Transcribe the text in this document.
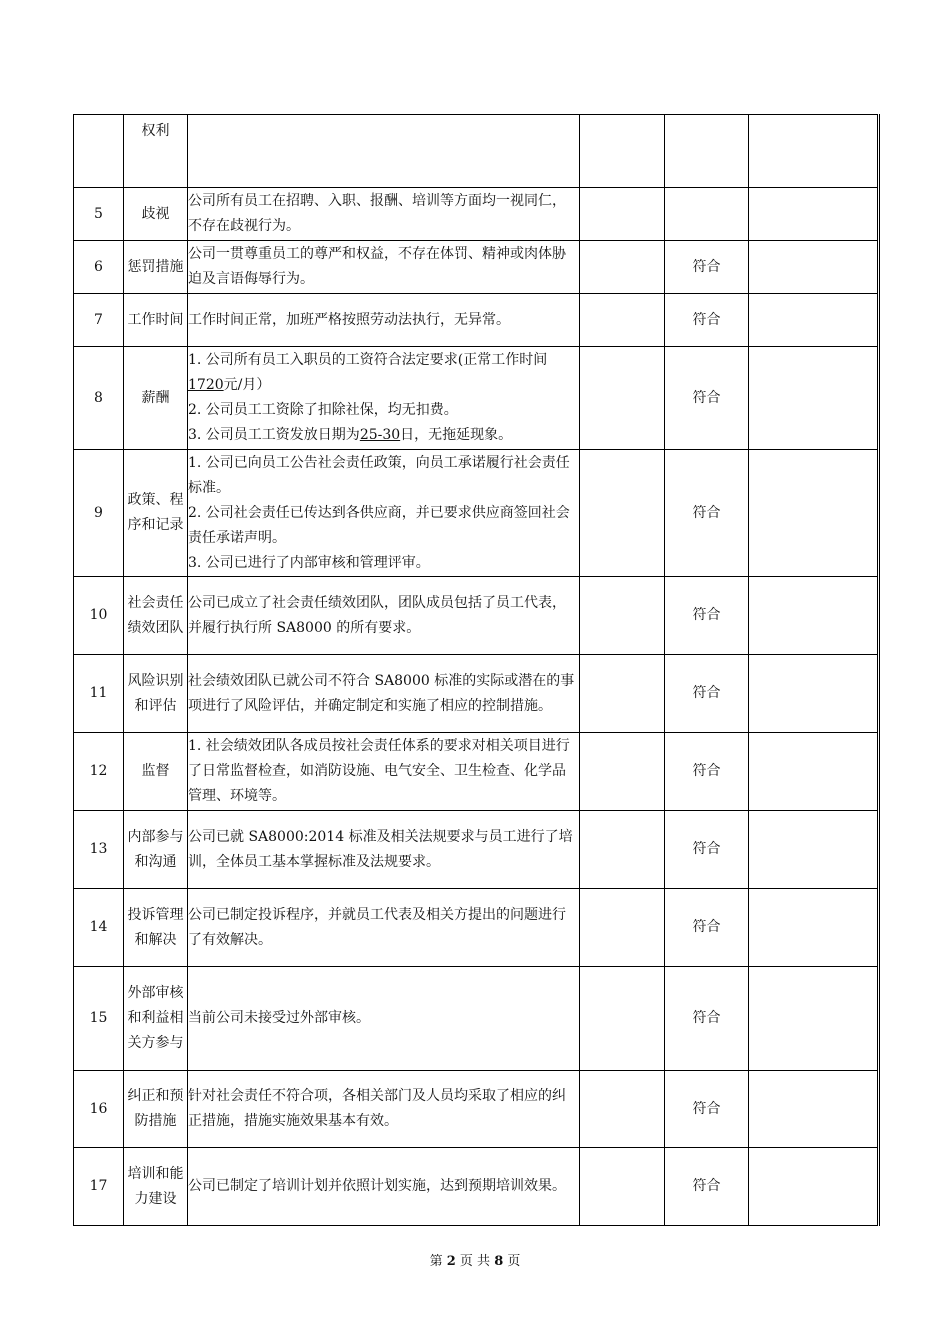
	权利				
5	歧视	公司所有员工在招聘、入职、报酬、培训等方面均一视同仁，不存在歧视行为。			

6	惩罚措施	公司一贯尊重员工的尊严和权益，不存在体罚、精神或肉体胁迫及言语侮辱行为。		符合	
7	工作时间	工作时间正常，加班严格按照劳动法执行，无异常。		符合	
8	薪酬	1. 公司所有员工入职员的工资符合法定要求(正常工作时间1720元/月）
2. 公司员工工资除了扣除社保，均无扣费。
3. 公司员工工资发放日期为25-30日，无拖延现象。		符合	
9	政策、程序和记录	1. 公司已向员工公告社会责任政策，向员工承诺履行社会责任标准。
2. 公司社会责任已传达到各供应商，并已要求供应商签回社会责任承诺声明。
3. 公司已进行了内部审核和管理评审。		符合	
10	社会责任绩效团队	公司已成立了社会责任绩效团队，团队成员包括了员工代表，并履行执行所 SA8000 的所有要求。		符合	
11	风险识别和评估	社会绩效团队已就公司不符合 SA8000 标准的实际或潜在的事项进行了风险评估，并确定制定和实施了相应的控制措施。		符合	
12	监督	1. 社会绩效团队各成员按社会责任体系的要求对相关项目进行了日常监督检查，如消防设施、电气安全、卫生检查、化学品管理、环境等。		符合	
13	内部参与和沟通	公司已就 SA8000:2014 标准及相关法规要求与员工进行了培训，全体员工基本掌握标准及法规要求。		符合	
14	投诉管理和解决	公司已制定投诉程序，并就员工代表及相关方提出的问题进行了有效解决。		符合	
15	外部审核和利益相关方参与	当前公司未接受过外部审核。		符合	
16	纠正和预防措施	针对社会责任不符合项，各相关部门及人员均采取了相应的纠正措施，措施实施效果基本有效。		符合	
17	培训和能力建设	公司已制定了培训计划并依照计划实施，达到预期培训效果。		符合	
第 2 页 共 8 页
